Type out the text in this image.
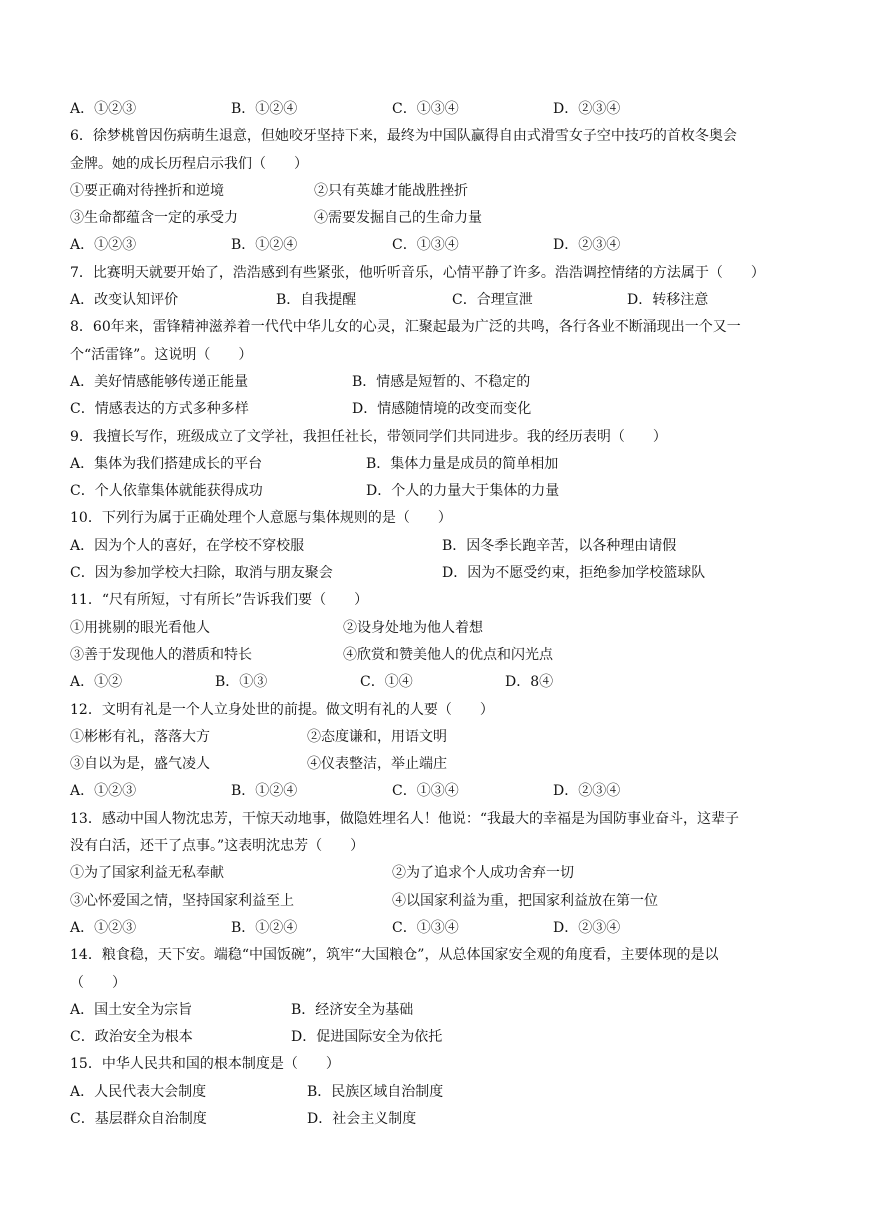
A．①②③	B．①②④	C．①③④	D．②③④
6．徐梦桃曾因伤病萌生退意，但她咬牙坚持下来，最终为中国队赢得自由式滑雪女子空中技巧的首枚冬奥会
金牌。她的成长历程启示我们（　　）
①要正确对待挫折和逆境	②只有英雄才能战胜挫折
③生命都蕴含一定的承受力	④需要发掘自己的生命力量
A．①②③	B．①②④	C．①③④	D．②③④
7．比赛明天就要开始了，浩浩感到有些紧张，他听听音乐，心情平静了许多。浩浩调控情绪的方法属于（　　）
A．改变认知评价	B．自我提醒	C．合理宣泄	D．转移注意
8．60年来，雷锋精神滋养着一代代中华儿女的心灵，汇聚起最为广泛的共鸣，各行各业不断涌现出一个又一
个“活雷锋”。这说明（　　）
A．美好情感能够传递正能量	B．情感是短暂的、不稳定的
C．情感表达的方式多种多样	D．情感随情境的改变而变化
9．我擅长写作，班级成立了文学社，我担任社长，带领同学们共同进步。我的经历表明（　　）
A．集体为我们搭建成长的平台	B．集体力量是成员的简单相加
C．个人依靠集体就能获得成功	D．个人的力量大于集体的力量
10．下列行为属于正确处理个人意愿与集体规则的是（　　）
A．因为个人的喜好，在学校不穿校服	B．因冬季长跑辛苦，以各种理由请假
C．因为参加学校大扫除，取消与朋友聚会	D．因为不愿受约束，拒绝参加学校篮球队
11．“尺有所短，寸有所长”告诉我们要（　　）
①用挑剔的眼光看他人	②设身处地为他人着想
③善于发现他人的潜质和特长	④欣赏和赞美他人的优点和闪光点
A．①②	B．①③	C．①④	D．8④
12．文明有礼是一个人立身处世的前提。做文明有礼的人要（　　）
①彬彬有礼，落落大方	②态度谦和，用语文明
③自以为是，盛气凌人	④仪表整洁，举止端庄
A．①②③	B．①②④	C．①③④	D．②③④
13．感动中国人物沈忠芳，干惊天动地事，做隐姓埋名人！他说：“我最大的幸福是为国防事业奋斗，这辈子
没有白活，还干了点事。”这表明沈忠芳（　　）
①为了国家利益无私奉献	②为了追求个人成功舍弃一切
③心怀爱国之情，坚持国家利益至上	④以国家利益为重，把国家利益放在第一位
A．①②③	B．①②④	C．①③④	D．②③④
14．粮食稳，天下安。端稳“中国饭碗”，筑牢“大国粮仓”，从总体国家安全观的角度看，主要体现的是以
（　　）
A．国土安全为宗旨	B．经济安全为基础
C．政治安全为根本	D．促进国际安全为依托
15．中华人民共和国的根本制度是（　　）
A．人民代表大会制度	B．民族区域自治制度
C．基层群众自治制度	D．社会主义制度
